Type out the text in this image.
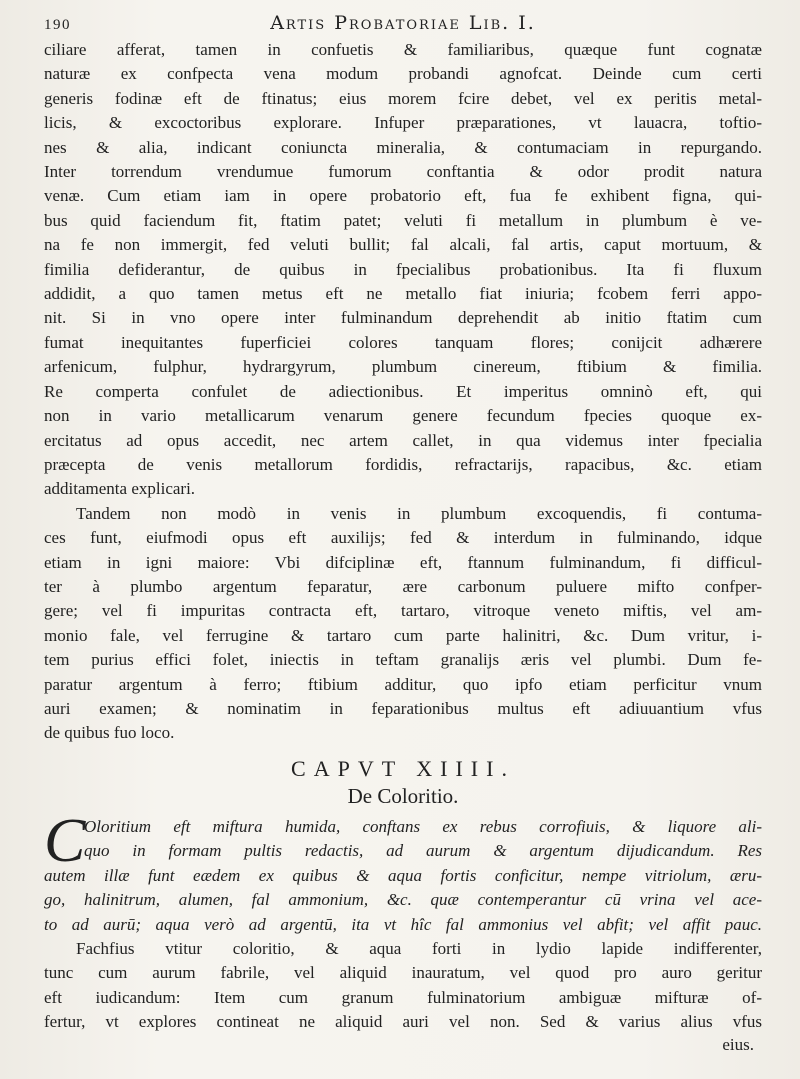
190	Artis Probatoriae Lib. I.
ciliare afferat, tamen in confuetis & familiaribus, quæque funt cognatæ
naturæ ex confpecta vena modum probandi agnofcat. Deinde cum certi
generis fodinæ eft de ftinatus; eius morem fcire debet, vel ex peritis metal-
licis, & excoctoribus explorare. Infuper præparationes, vt lauacra, toftio-
nes & alia, indicant coniuncta mineralia, & contumaciam in repurgando.
Inter torrendum vrendumue fumorum conftantia & odor prodit natura
venæ. Cum etiam iam in opere probatorio eft, fua fe exhibent figna, qui-
bus quid faciendum fit, ftatim patet; veluti fi metallum in plumbum è ve-
na fe non immergit, fed veluti bullit; fal alcali, fal artis, caput mortuum, &
fimilia defiderantur, de quibus in fpecialibus probationibus. Ita fi fluxum
addidit, a quo tamen metus eft ne metallo fiat iniuria; fcobem ferri appo-
nit. Si in vno opere inter fulminandum deprehendit ab initio ftatim cum
fumat inequitantes fuperficiei colores tanquam flores; conijcit adhærere
arfenicum, fulphur, hydrargyrum, plumbum cinereum, ftibium & fimilia.
Re comperta confulet de adiectionibus. Et imperitus omninò eft, qui
non in vario metallicarum venarum genere fecundum fpecies quoque ex-
ercitatus ad opus accedit, nec artem callet, in qua videmus inter fpecialia
præcepta de venis metallorum fordidis, refractarijs, rapacibus, &c. etiam
additamenta explicari.
Tandem non modò in venis in plumbum excoquendis, fi contuma-
ces funt, eiufmodi opus eft auxilijs; fed & interdum in fulminando, idque
etiam in igni maiore: Vbi difciplinæ eft, ftannum fulminandum, fi difficul-
ter à plumbo argentum feparatur, ære carbonum puluere mifto confper-
gere; vel fi impuritas contracta eft, tartaro, vitroque veneto miftis, vel am-
monio fale, vel ferrugine & tartaro cum parte halinitri, &c. Dum vritur, i-
tem purius effici folet, iniectis in teftam granalijs æris vel plumbi. Dum fe-
paratur argentum à ferro; ftibium additur, quo ipfo etiam perficitur vnum
auri examen; & nominatim in feparationibus multus eft adiuuantium vfus
de quibus fuo loco.
CAPVT XIIII.
De Coloritio.
C
Oloritium eft miftura humida, conftans ex rebus corrofiuis, & liquore ali-
quo in formam pultis redactis, ad aurum & argentum dijudicandum. Res
autem illæ funt eædem ex quibus & aqua fortis conficitur, nempe vitriolum, æru-
go, halinitrum, alumen, fal ammonium, &c. quæ contemperantur cū vrina vel ace-
to ad aurū; aqua verò ad argentū, ita vt hîc fal ammonius vel abfit; vel affit pauc.
Fachfius vtitur coloritio, & aqua forti in lydio lapide indifferenter,
tunc cum aurum fabrile, vel aliquid inauratum, vel quod pro auro geritur
eft iudicandum: Item cum granum fulminatorium ambiguæ mifturæ of-
fertur, vt explores contineat ne aliquid auri vel non. Sed & varius alius vfus
eius.
